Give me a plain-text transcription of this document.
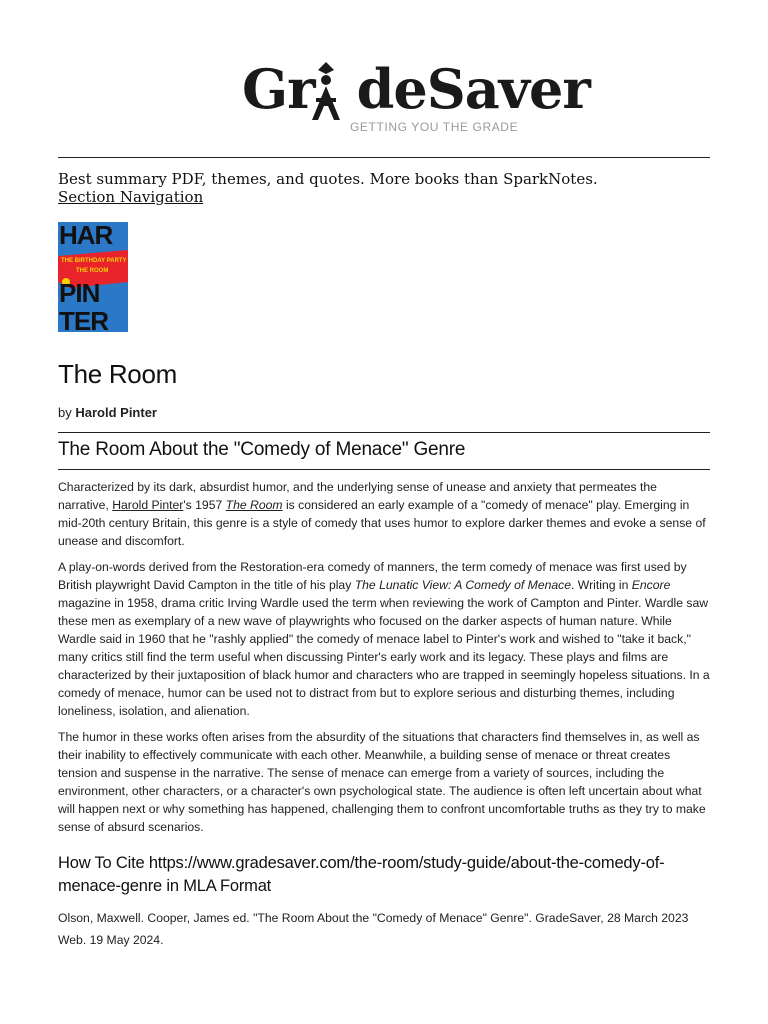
Gr deSaver
GETTING YOU THE GRADE
Best summary PDF, themes, and quotes. More books than SparkNotes.
Section Navigation
HAR
THE BIRTHDAY PARTY
THE ROOM
PIN
TER
The Room
by Harold Pinter
The Room About the "Comedy of Menace" Genre

Characterized by its dark, absurdist humor, and the underlying sense of unease and anxiety that permeates the narrative, Harold Pinter's 1957 The Room is considered an early example of a "comedy of menace" play. Emerging in mid-20th century Britain, this genre is a style of comedy that uses humor to explore darker themes and evoke a sense of unease and discomfort.

A play-on-words derived from the Restoration-era comedy of manners, the term comedy of menace was first used by British playwright David Campton in the title of his play The Lunatic View: A Comedy of Menace. Writing in Encore magazine in 1958, drama critic Irving Wardle used the term when reviewing the work of Campton and Pinter. Wardle saw these men as exemplary of a new wave of playwrights who focused on the darker aspects of human nature. While Wardle said in 1960 that he "rashly applied" the comedy of menace label to Pinter's work and wished to "take it back," many critics still find the term useful when discussing Pinter's early work and its legacy. These plays and films are characterized by their juxtaposition of black humor and characters who are trapped in seemingly hopeless situations. In a comedy of menace, humor can be used not to distract from but to explore serious and disturbing themes, including loneliness, isolation, and alienation.

The humor in these works often arises from the absurdity of the situations that characters find themselves in, as well as their inability to effectively communicate with each other. Meanwhile, a building sense of menace or threat creates tension and suspense in the narrative. The sense of menace can emerge from a variety of sources, including the environment, other characters, or a character's own psychological state. The audience is often left uncertain about what will happen next or why something has happened, challenging them to confront uncomfortable truths as they try to make sense of absurd scenarios.

How To Cite https://www.gradesaver.com/the-room/study-guide/about-the-comedy-of-menace-genre in MLA Format
Olson, Maxwell. Cooper, James ed. "The Room About the "Comedy of Menace" Genre". GradeSaver, 28 March 2023 Web. 19 May 2024.
